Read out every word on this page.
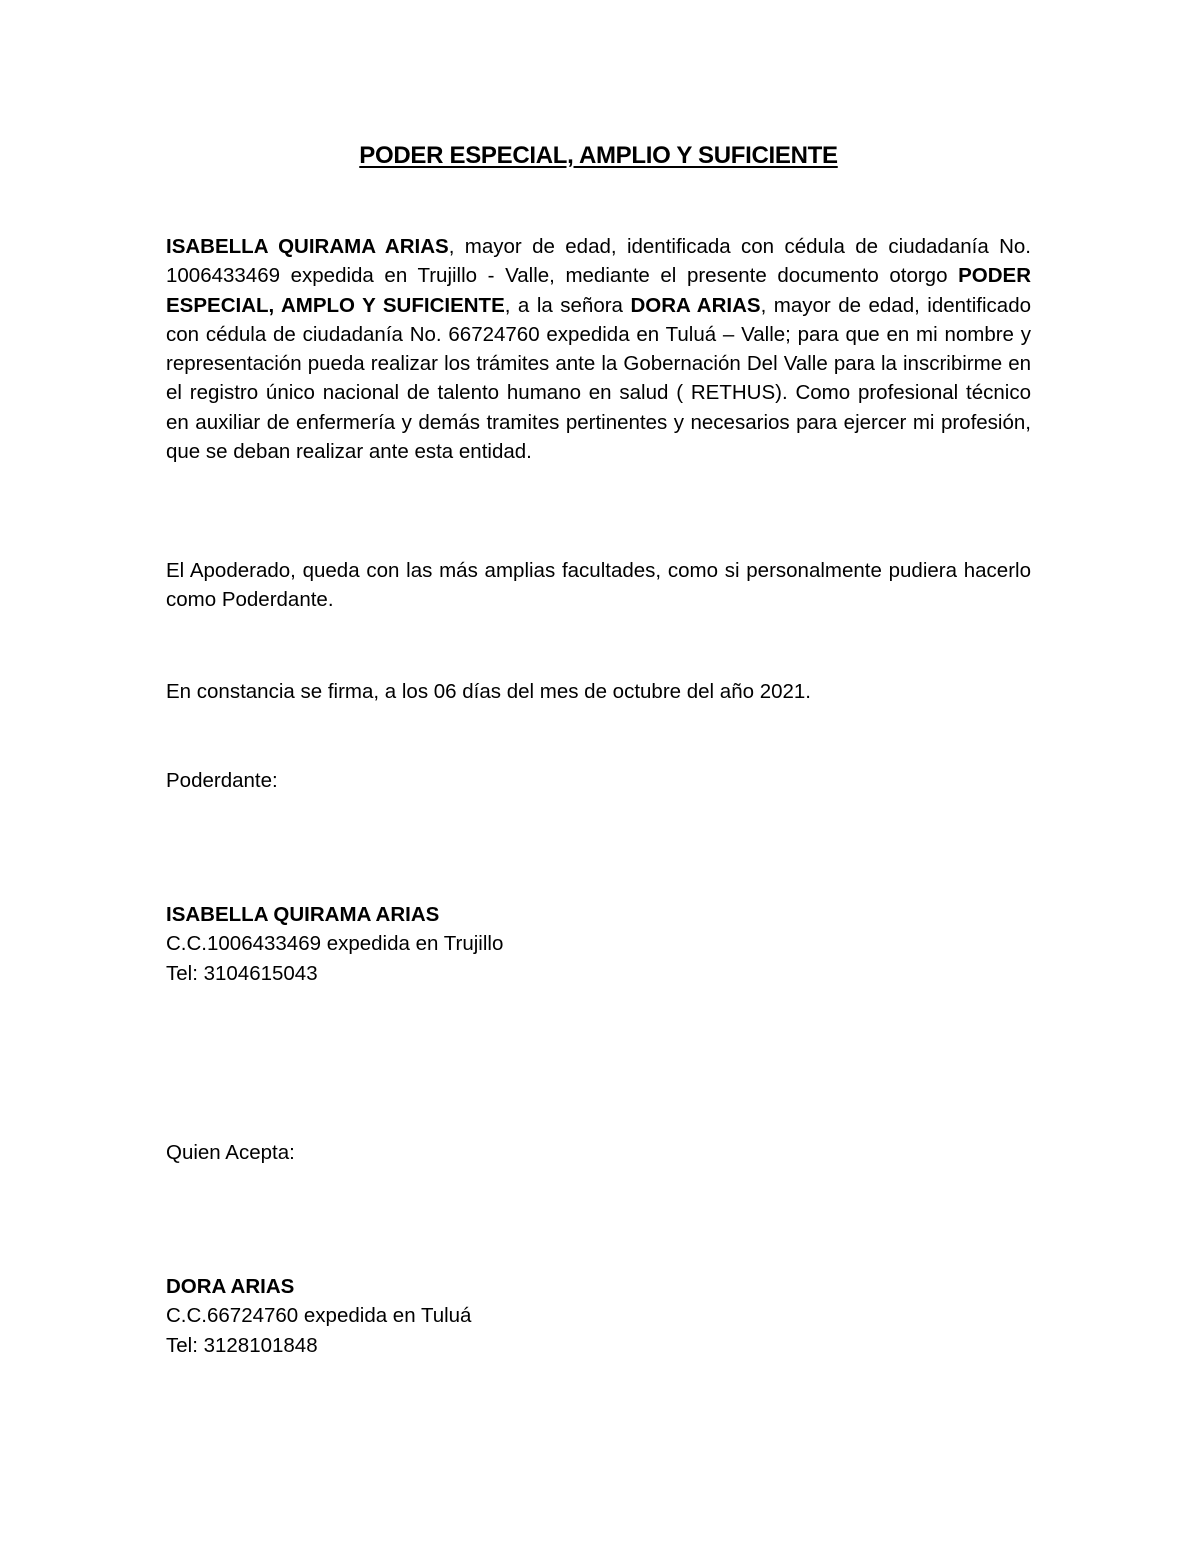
PODER ESPECIAL, AMPLIO Y SUFICIENTE

ISABELLA QUIRAMA ARIAS, mayor de edad, identificada con cédula de ciudadanía No. 1006433469 expedida en Trujillo - Valle, mediante el presente documento otorgo PODER ESPECIAL, AMPLO Y SUFICIENTE, a la señora DORA ARIAS, mayor de edad, identificado con cédula de ciudadanía No. 66724760 expedida en Tuluá – Valle; para que en mi nombre y representación pueda realizar los trámites ante la Gobernación Del Valle para la inscribirme en el registro único nacional de talento humano en salud ( RETHUS). Como profesional técnico en auxiliar de enfermería y demás tramites pertinentes y necesarios para ejercer mi profesión, que se deban realizar ante esta entidad.

El Apoderado, queda con las más amplias facultades, como si personalmente pudiera hacerlo como Poderdante.

En constancia se firma, a los 06 días del mes de octubre del año 2021.

Poderdante:

ISABELLA QUIRAMA ARIAS
C.C.1006433469 expedida en Trujillo
Tel: 3104615043

Quien Acepta:

DORA ARIAS
C.C.66724760 expedida en Tuluá
Tel: 3128101848
